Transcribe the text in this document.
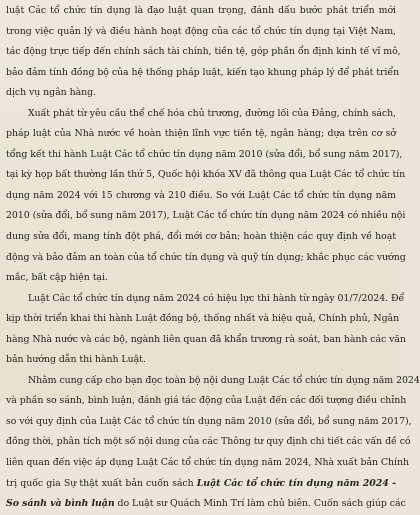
luật Các tổ chức tín dụng là đạo luật quan trọng, đánh dấu bước phát triển mới
trong việc quản lý và điều hành hoạt động của các tổ chức tín dụng tại Việt Nam,
tác động trực tiếp đến chính sách tài chính, tiền tệ, góp phần ổn định kinh tế vĩ mô,
bảo đảm tính đồng bộ của hệ thống pháp luật, kiến tạo khung pháp lý để phát triển
dịch vụ ngân hàng.
Xuất phát từ yêu cầu thể chế hóa chủ trương, đường lối của Đảng, chính sách,
pháp luật của Nhà nước về hoàn thiện lĩnh vực tiền tệ, ngân hàng; dựa trên cơ sở
tổng kết thi hành Luật Các tổ chức tín dụng năm 2010 (sửa đổi, bổ sung năm 2017),
tại kỳ họp bất thường lần thứ 5, Quốc hội khóa XV đã thông qua Luật Các tổ chức tín
dụng năm 2024 với 15 chương và 210 điều. So với Luật Các tổ chức tín dụng năm
2010 (sửa đổi, bổ sung năm 2017), Luật Các tổ chức tín dụng năm 2024 có nhiều nội
dung sửa đổi, mang tính đột phá, đổi mới cơ bản; hoàn thiện các quy định về hoạt
động và bảo đảm an toàn của tổ chức tín dụng và quỹ tín dụng; khắc phục các vướng
mắc, bất cập hiện tại.
Luật Các tổ chức tín dụng năm 2024 có hiệu lực thi hành từ ngày 01/7/2024. Để
kịp thời triển khai thi hành Luật đồng bộ, thống nhất và hiệu quả, Chính phủ, Ngân
hàng Nhà nước và các bộ, ngành liên quan đã khẩn trương rà soát, ban hành các văn
bản hướng dẫn thi hành Luật.
Nhằm cung cấp cho bạn đọc toàn bộ nội dung Luật Các tổ chức tín dụng năm 2024
và phần so sánh, bình luận, đánh giá tác động của Luật đến các đối tượng điều chỉnh
so với quy định của Luật Các tổ chức tín dụng năm 2010 (sửa đổi, bổ sung năm 2017),
đồng thời, phân tích một số nội dung của các Thông tư quy định chi tiết các vấn đề có
liên quan đến việc áp dụng Luật Các tổ chức tín dụng năm 2024, Nhà xuất bản Chính
trị quốc gia Sự thật xuất bản cuốn sách Luật Các tổ chức tín dụng năm 2024 -
So sánh và bình luận do Luật sư Quách Minh Trí làm chủ biên. Cuốn sách giúp các
